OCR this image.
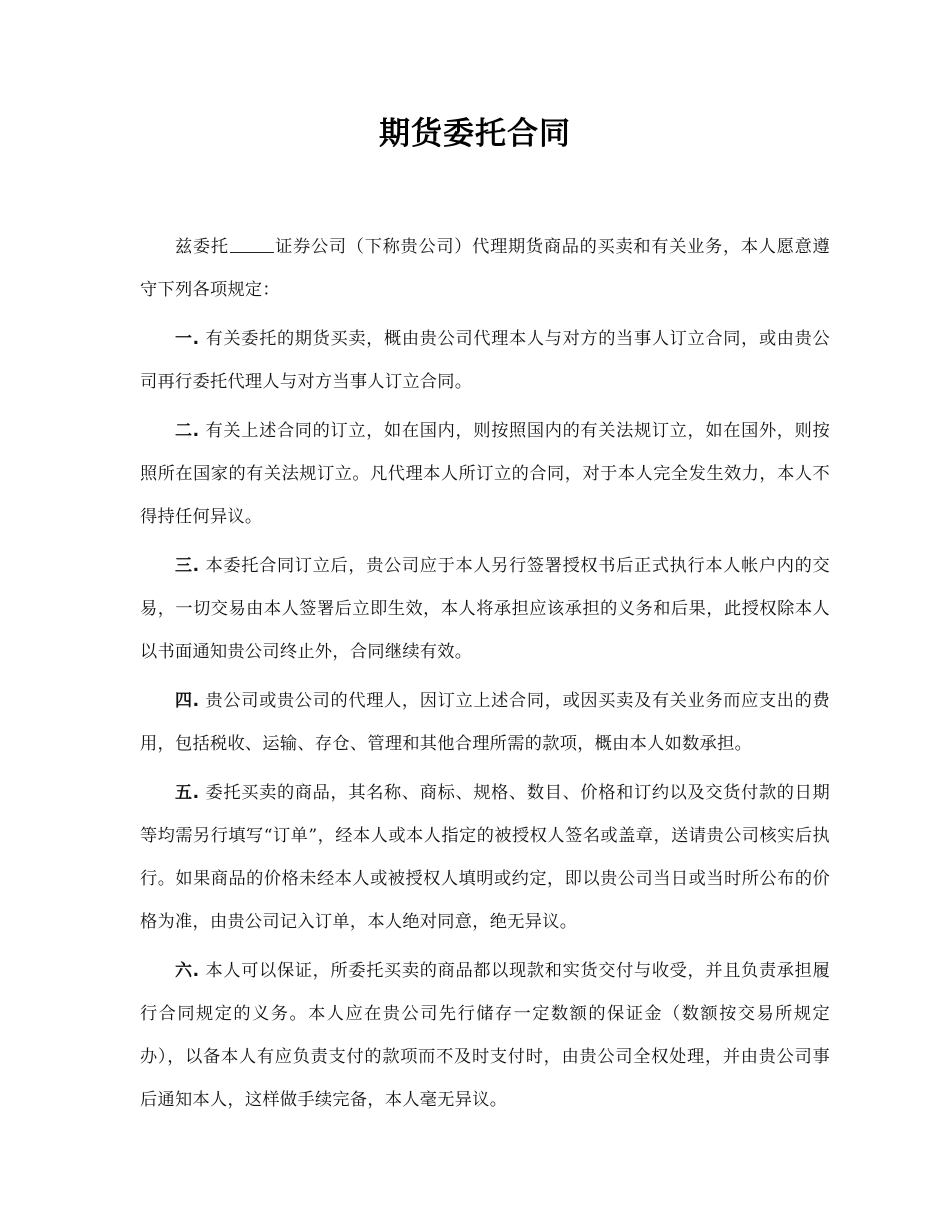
期货委托合同

兹委托	证券公司（下称贵公司）代理期货商品的买卖和有关业务，本人愿意遵守下列各项规定：

一. 有关委托的期货买卖，概由贵公司代理本人与对方的当事人订立合同，或由贵公司再行委托代理人与对方当事人订立合同。

二. 有关上述合同的订立，如在国内，则按照国内的有关法规订立，如在国外，则按照所在国家的有关法规订立。凡代理本人所订立的合同，对于本人完全发生效力，本人不得持任何异议。

三. 本委托合同订立后，贵公司应于本人另行签署授权书后正式执行本人帐户内的交易，一切交易由本人签署后立即生效，本人将承担应该承担的义务和后果，此授权除本人以书面通知贵公司终止外，合同继续有效。

四. 贵公司或贵公司的代理人，因订立上述合同，或因买卖及有关业务而应支出的费用，包括税收、运输、存仓、管理和其他合理所需的款项，概由本人如数承担。

五. 委托买卖的商品，其名称、商标、规格、数目、价格和订约以及交货付款的日期等均需另行填写“订单”，经本人或本人指定的被授权人签名或盖章，送请贵公司核实后执行。如果商品的价格未经本人或被授权人填明或约定，即以贵公司当日或当时所公布的价格为准，由贵公司记入订单，本人绝对同意，绝无异议。

六. 本人可以保证，所委托买卖的商品都以现款和实货交付与收受，并且负责承担履行合同规定的义务。本人应在贵公司先行储存一定数额的保证金（数额按交易所规定办），以备本人有应负责支付的款项而不及时支付时，由贵公司全权处理，并由贵公司事后通知本人，这样做手续完备，本人毫无异议。
